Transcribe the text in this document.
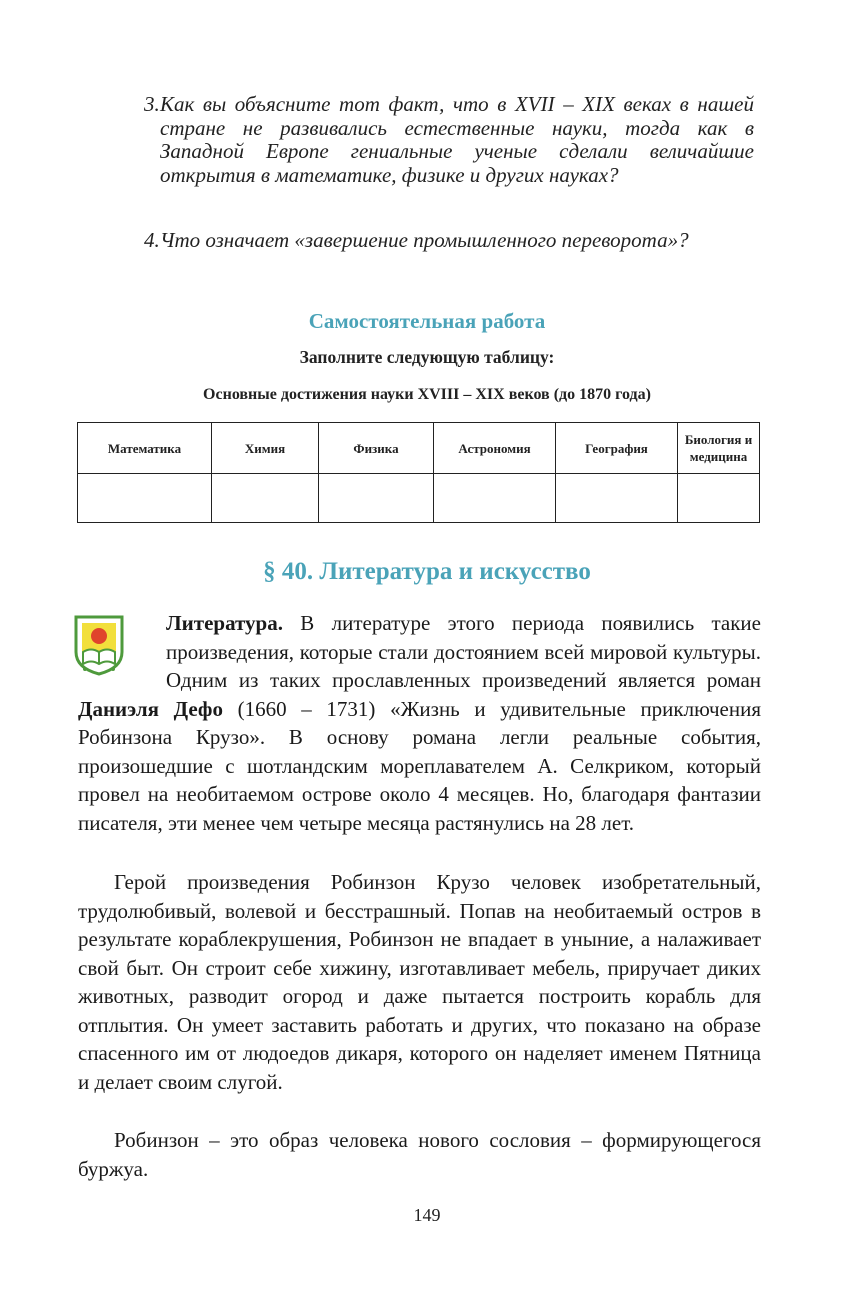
3.Как вы объясните тот факт, что в XVII – XIX веках в нашей стране не развивались естественные науки, тогда как в Западной Европе гениальные ученые сделали величайшие открытия в математике, физике и других науках?
4.Что означает «завершение промышленного переворота»?
Самостоятельная работа
Заполните следующую таблицу:
Основные достижения науки XVIII – XIX веков (до 1870 года)
Математика	Химия	Физика	Астрономия	География	Биология и медицина

§ 40. Литература и искусство
Литература. В литературе этого периода появились такие произведения, которые стали достоянием всей мировой культуры. Одним из таких прославленных произведений является роман Даниэля Дефо (1660 – 1731) «Жизнь и удивительные приключения Робинзона Крузо». В основу романа легли реальные события, произошедшие с шотландским мореплавателем А. Селкриком, который провел на необитаемом острове около 4 месяцев. Но, благодаря фантазии писателя, эти менее чем четыре месяца растянулись на 28 лет.
Герой произведения Робинзон Крузо человек изобретательный, трудолюбивый, волевой и бесстрашный. Попав на необитаемый остров в результате кораблекрушения, Робинзон не впадает в уныние, а налаживает свой быт. Он строит себе хижину, изготавливает мебель, приручает диких животных, разводит огород и даже пытается построить корабль для отплытия. Он умеет заставить работать и других, что показано на образе спасенного им от людоедов дикаря, которого он наделяет именем Пятница и делает своим слугой.
Робинзон – это образ человека нового сословия – формирующегося буржуа.
149
